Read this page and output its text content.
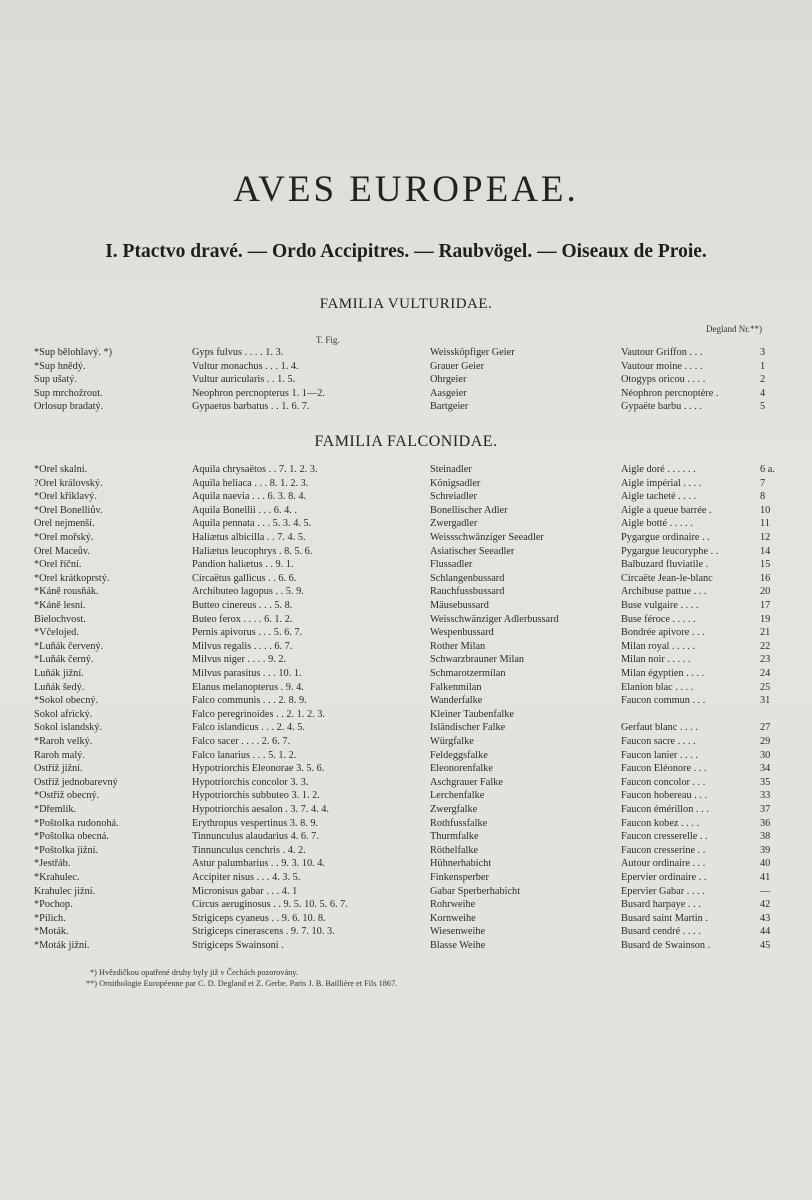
AVES EUROPEAE.
I. Ptactvo dravé. — Ordo Accipitres. — Raubvögel. — Oiseaux de Proie.
FAMILIA VULTURIDAE.
Degland Nr.**)
T. Fig.
*Sup bělohlavý. *)	Gyps fulvus . . . . 1. 3.	Weissköpfiger Geier	Vautour Griffon . . .	3
*Sup hnědý.	Vultur monachus . . . 1. 4.	Grauer Geier	Vautour moine . . . .	1
Sup ušatý.	Vultur auricularis . . 1. 5.	Ohrgeier	Otogyps oricou . . . .	2
Sup mrchožrout.	Neophron percnopterus 1. 1—2.	Aasgeier	Néophron percnoptère .	4
Orlosup bradatý.	Gypaetus barbatus . . 1. 6. 7.	Bartgeier	Gypaëte barbu . . . .	5
FAMILIA FALCONIDAE.
*Orel skalní.	Aquila chrysaëtos . . 7. 1. 2. 3.	Steinadler	Aigle doré . . . . . .	6 a.
?Orel královský.	Aquila heliaca . . . 8. 1. 2. 3.	Königsadler	Aigle impérial . . . .	7
*Orel křiklavý.	Aquila naevia . . . 6. 3. 8. 4.	Schreiadler	Aigle tacheté . . . .	8
*Orel Bonelliův.	Aquila Bonellii . . . 6. 4. .	Bonellischer Adler	Aigle a queue barrée .	10
Orel nejmenší.	Aquila pennata . . . 5. 3. 4. 5.	Zwergadler	Aigle botté . . . . .	11
*Orel mořský.	Haliætus albicilla . . 7. 4. 5.	Weissschwänziger Seeadler	Pygargue ordinaire . .	12
Orel Maceův.	Haliætus leucophrys . 8. 5. 6.	Asiatischer Seeadler	Pygargue leucoryphe . .	14
*Orel říční.	Pandion haliætus . . 9. 1.	Flussadler	Balbuzard fluviatile .	15
*Orel krátkoprstý.	Circaëtus gallicus . . 6. 6.	Schlangenbussard	Circaëte Jean-le-blanc	16
*Káně rousňák.	Archibuteo lagopus . . 5. 9.	Rauchfussbussard	Archibuse pattue . . .	20
*Káně lesní.	Butteo cinereus . . . 5. 8.	Mäusebussard	Buse vulgaire . . . .	17
Bielochvost.	Buteo ferox . . . . 6. 1. 2.	Weisschwänziger Adlerbussard	Buse féroce . . . . .	19
*Včelojed.	Pernis apivorus . . . 5. 6. 7.	Wespenbussard	Bondrée apivore . . .	21
*Luňák červený.	Milvus regalis . . . . 6. 7.	Rother Milan	Milan royal . . . . .	22
*Luňák černý.	Milvus niger . . . . 9. 2.	Schwarzbrauner Milan	Milan noir . . . . .	23
Luňák jižní.	Milvus parasitus . . . 10. 1.	Schmarotzermilan	Milan égyptien . . . .	24
Luňák šedý.	Elanus melanopterus . 9. 4.	Falkenmilan	Elanion blac . . . .	25
*Sokol obecný.	Falco communis . . . 2. 8. 9.	Wanderfalke	Faucon commun . . .	31
Sokol africký.	Falco peregrinoides . . 2. 1. 2. 3.	Kleiner Taubenfalke
Sokol islandský.	Falco islandicus . . . 2. 4. 5.	Isländischer Falke	Gerfaut blanc . . . .	27
*Raroh velký.	Falco sacer . . . . 2. 6. 7.	Würgfalke	Faucon sacre . . . .	29
Raroh malý.	Falco lanarius . . . 5. 1. 2.	Feldeggsfalke	Faucon lanier . . . .	30
Ostříž jižní.	Hypotriorchis Eleonorae 3. 5. 6.	Eleonorenfalke	Faucon Eléonore . . .	34
Ostříž jednobarevný	Hypotriorchis concolor 3. 3.	Aschgrauer Falke	Faucon concolor . . .	35
*Ostříž obecný.	Hypotriorchis subbuteo 3. 1. 2.	Lerchenfalke	Faucon hobereau . . .	33
*Dřemlík.	Hypotriorchis aesalon . 3. 7. 4. 4.	Zwergfalke	Faucon émérillon . . .	37
*Poštolka rudonohá.	Erythropus vespertinus 3. 8. 9.	Rothfussfalke	Faucon kobez . . . .	36
*Poštolka obecná.	Tinnunculus alaudarius 4. 6. 7.	Thurmfalke	Faucon cresserelle . .	38
*Poštolka jižní.	Tinnunculus cenchris . 4. 2.	Röthelfalke	Faucon cresserine . .	39
*Jestřáb.	Astur palumbarius . . 9. 3. 10. 4.	Hühnerhabicht	Autour ordinaire . . .	40
*Krahulec.	Accipiter nisus . . . 4. 3. 5.	Finkensperber	Epervier ordinaire . .	41
Krahulec jižní.	Micronisus gabar . . . 4. 1	Gabar Sperberhabicht	Epervier Gabar . . . .	—
*Pochop.	Circus aeruginosus . . 9. 5. 10. 5. 6. 7.	Rohrweihe	Busard harpaye . . .	42
*Pilich.	Strigiceps cyaneus . . 9. 6. 10. 8.	Kornweihe	Busard saint Martin .	43
*Moták.	Strigiceps cinerascens . 9. 7. 10. 3.	Wiesenweihe	Busard cendré . . . .	44
*Moták jižní.	Strigiceps Swainsoni .	Blasse Weihe	Busard de Swainson .	45
*) Hvězdičkou opatřené druhy byly již v Čechách pozorovány.
**) Ornithologie Européenne par C. D. Degland et Z. Gerbe. Paris J. B. Baillière et Fils 1867.
